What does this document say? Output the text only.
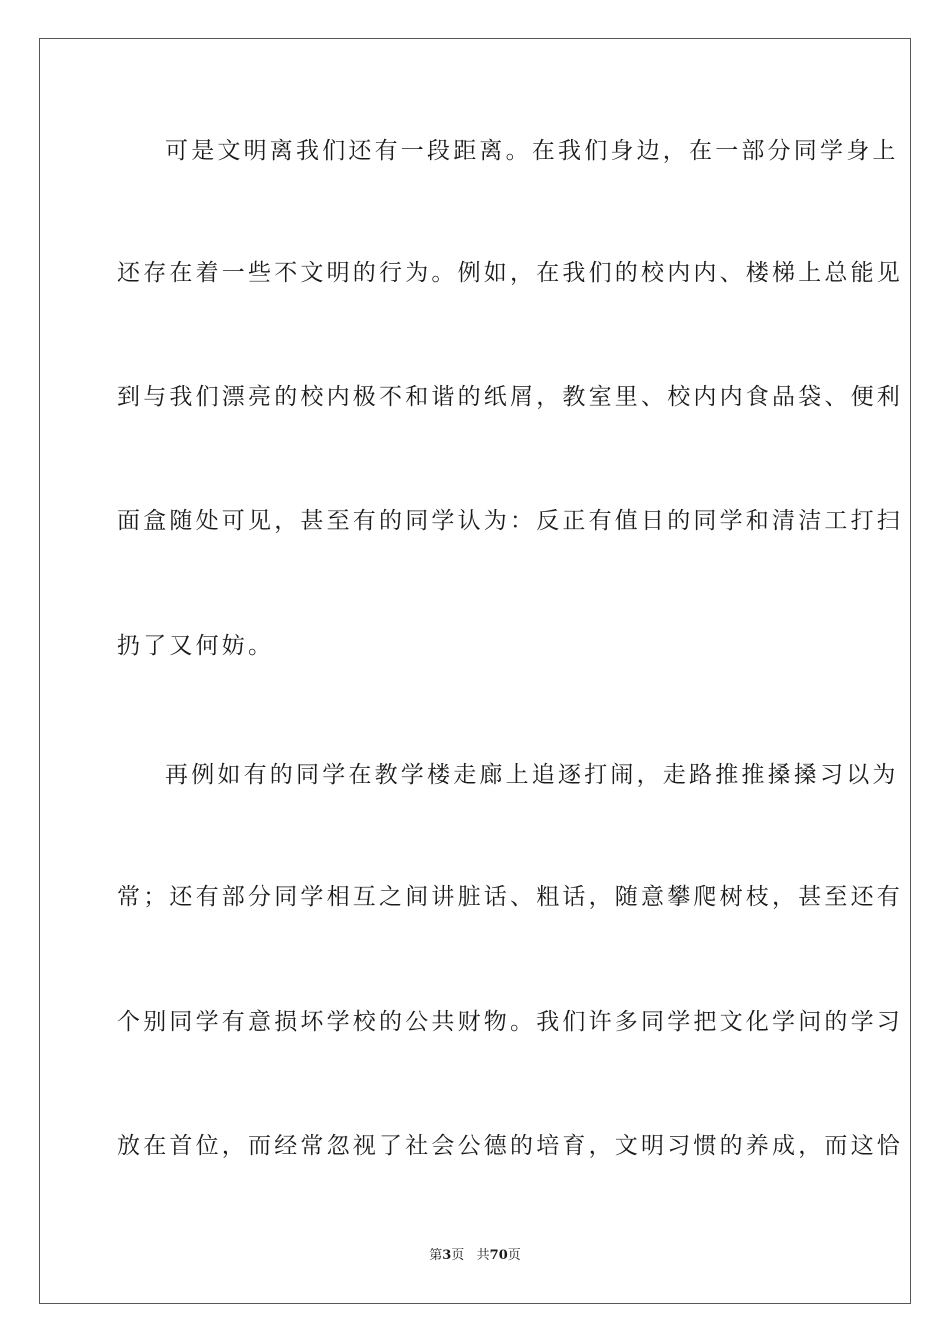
可是文明离我们还有一段距离。在我们身边，在一部分同学身上
还存在着一些不文明的行为。例如，在我们的校内内、楼梯上总能见
到与我们漂亮的校内极不和谐的纸屑，教室里、校内内食品袋、便利
面盒随处可见，甚至有的同学认为：反正有值日的同学和清洁工打扫
扔了又何妨。
再例如有的同学在教学楼走廊上追逐打闹，走路推推搡搡习以为
常；还有部分同学相互之间讲脏话、粗话，随意攀爬树枝，甚至还有
个别同学有意损坏学校的公共财物。我们许多同学把文化学问的学习
放在首位，而经常忽视了社会公德的培育，文明习惯的养成，而这恰
第3页   共70页
